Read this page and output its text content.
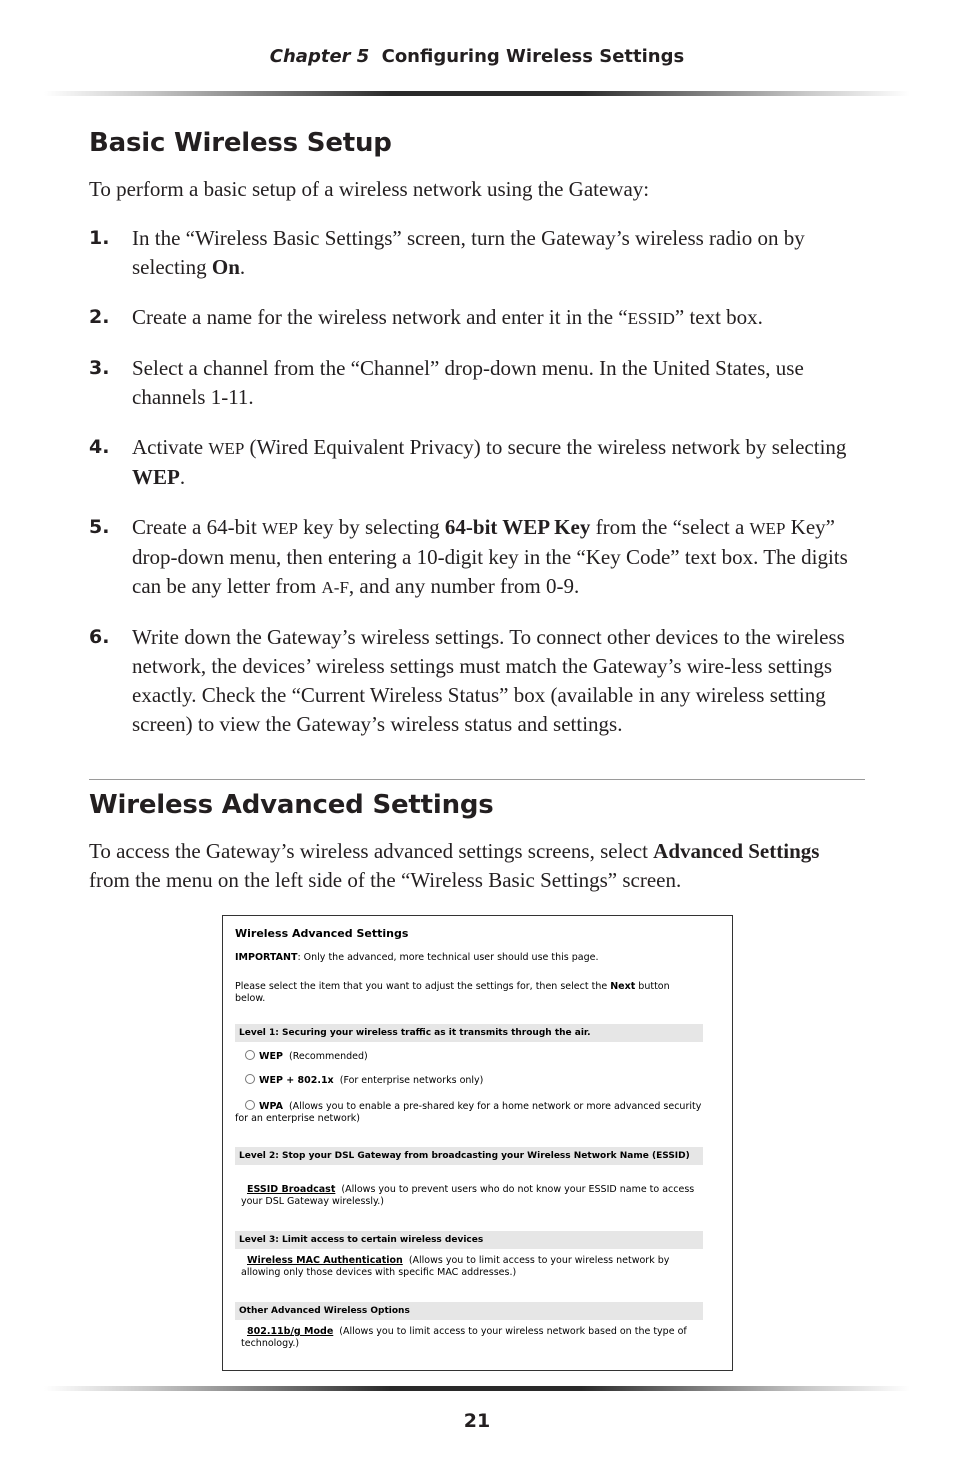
Chapter 5 Configuring Wireless Settings
Basic Wireless Setup

To perform a basic setup of a wireless network using the Gateway:

1. In the “Wireless Basic Settings” screen, turn the Gateway’s wireless radio on by selecting On.
2. Create a name for the wireless network and enter it in the “ESSID” text box.
3. Select a channel from the “Channel” drop-down menu. In the United States, use channels 1-11.
4. Activate WEP (Wired Equivalent Privacy) to secure the wireless network by selecting WEP.
5. Create a 64-bit WEP key by selecting 64-bit WEP Key from the “select a WEP Key” drop-down menu, then entering a 10-digit key in the “Key Code” text box. The digits can be any letter from A-F, and any number from 0-9.
6. Write down the Gateway’s wireless settings. To connect other devices to the wireless network, the devices’ wireless settings must match the Gateway’s wire-less settings exactly. Check the “Current Wireless Status” box (available in any wireless setting screen) to view the Gateway’s wireless status and settings.
Wireless Advanced Settings

To access the Gateway’s wireless advanced settings screens, select Advanced Settings from the menu on the left side of the “Wireless Basic Settings” screen.

Wireless Advanced Settings
IMPORTANT: Only the advanced, more technical user should use this page.
Please select the item that you want to adjust the settings for, then select the Next button below.
Level 1: Securing your wireless traffic as it transmits through the air.
WEP (Recommended)
WEP + 802.1x (For enterprise networks only)
WPA (Allows you to enable a pre-shared key for a home network or more advanced security for an enterprise network)
Level 2: Stop your DSL Gateway from broadcasting your Wireless Network Name (ESSID)
ESSID Broadcast (Allows you to prevent users who do not know your ESSID name to access your DSL Gateway wirelessly.)
Level 3: Limit access to certain wireless devices
Wireless MAC Authentication (Allows you to limit access to your wireless network by allowing only those devices with specific MAC addresses.)
Other Advanced Wireless Options
802.11b/g Mode (Allows you to limit access to your wireless network based on the type of technology.)
21
